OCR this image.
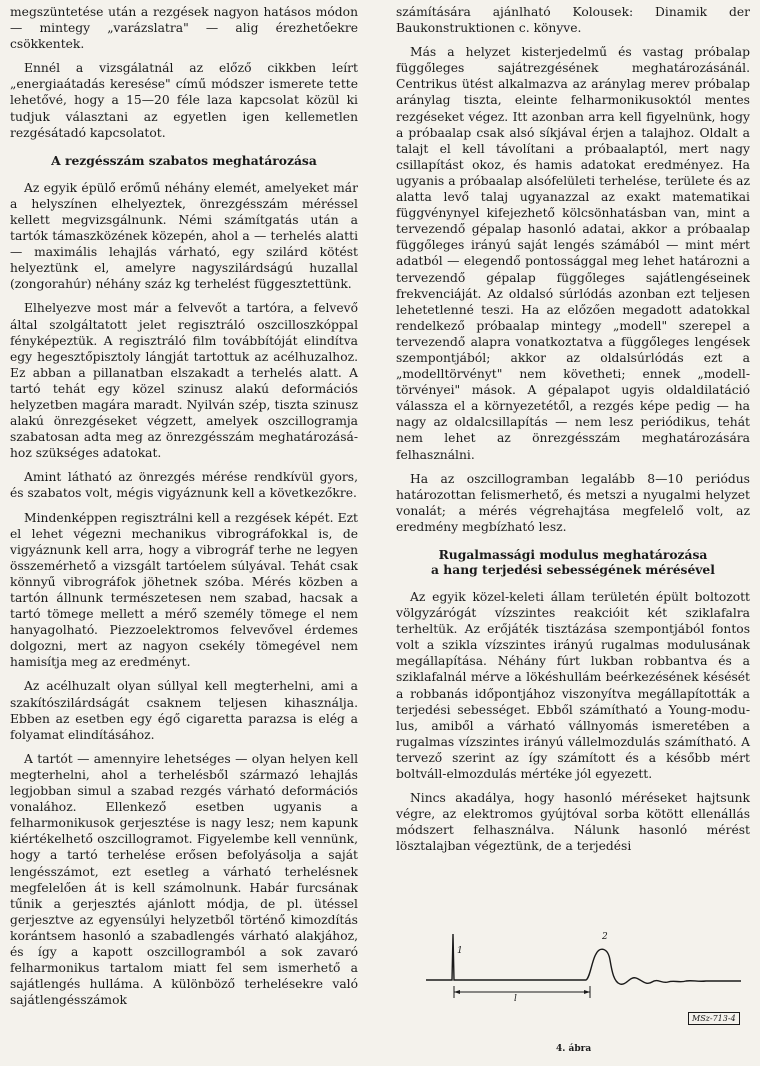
megszüntetése után a rezgések nagyon hatásos módon — mintegy „varázslatra" — alig érezhetőekre csökkentek.

Ennél a vizsgálatnál az előző cikkben leírt „energiaátadás keresése" című módszer ismerete tette lehetővé, hogy a 15—20 féle laza kapcsolat közül ki tudjuk választani az egyetlen igen kellemetlen rezgésátadó kapcsolatot.

A rezgésszám szabatos meghatározása

Az egyik épülő erőmű néhány elemét, amelyeket már a helyszínen elhelyeztek, önrezgésszám méréssel kellett megvizsgálnunk. Némi számítgatás után a tartók támaszközének közepén, ahol a — terhelés alatti — maximális lehajlás várható, egy szilárd kötést helyeztünk el, amelyre nagyszilárdságú huzallal (zongorahúr) néhány száz kg terhelést függesztettünk.

Elhelyezve most már a felvevőt a tartóra, a felvevő által szolgáltatott jelet regisztráló oszcilloszkóppal fényképeztük. A regisztráló film továbbítóját elindítva egy hegesztőpisztoly lángját tartottuk az acélhuzalhoz. Ez abban a pillanatban elszakadt a terhelés alatt. A tartó tehát egy közel szinusz alakú deformációs helyzetben magára maradt. Nyilván szép, tiszta szinusz alakú önrezgéseket végzett, amelyek oszcillogramja szabatosan adta meg az önrezgésszám meghatározásához szükséges adatokat.

Amint látható az önrezgés mérése rendkívül gyors, és szabatos volt, mégis vigyáznunk kell a következőkre.

Mindenképpen regisztrálni kell a rezgések képét. Ezt el lehet végezni mechanikus vibrográfokkal is, de vigyáznunk kell arra, hogy a vibrográf terhe ne legyen összemérhető a vizsgált tartóelem súlyával. Tehát csak könnyű vibrográfok jöhetnek szóba. Mérés közben a tartón állnunk természetesen nem szabad, hacsak a tartó tömege mellett a mérő személy tömege el nem hanyagolható. Piezzoelektromos felvevővel érdemes dolgozni, mert az nagyon csekély tömegével nem hamisítja meg az eredményt.

Az acélhuzalt olyan súllyal kell megterhelni, ami a szakítószilárdságát csaknem teljesen kihasználja. Ebben az esetben egy égő cigaretta parazsa is elég a folyamat elindításához.

A tartót — amennyire lehetséges — olyan helyen kell megterhelni, ahol a terhelésből származó lehajlás legjobban simul a szabad rezgés várható deformációs vonalához. Ellenkező esetben ugyanis a felharmonikusok gerjesztése is nagy lesz; nem kapunk kiértékelhető oszcillogramot. Figyelembe kell vennünk, hogy a tartó terhelése erősen befolyásolja a saját lengésszámot, ezt esetleg a várható terhelésnek megfelelően át is kell számolnunk. Habár furcsának tűnik a gerjesztés ajánlott módja, de pl. ütéssel gerjesztve az egyensúlyi helyzetből történő kimozdítás korántsem hasonló a szabadlengés várható alakjához, és így a kapott oszcillogramból a sok zavaró felharmonikus tartalom miatt fel sem ismerhető a sajátlengés hulláma. A különböző terhelésekre való sajátlengésszámok

számítására ajánlható Kolousek: Dinamik der Baukonstruktionen c. könyve.

Más a helyzet kisterjedelmű és vastag próbalap függőleges sajátrezgésének meghatározásánál. Centrikus ütést alkalmazva az aránylag merev próbalap aránylag tiszta, eleinte felharmonikusoktól mentes rezgéseket végez. Itt azonban arra kell figyelnünk, hogy a próbaalap csak alsó síkjával érjen a talajhoz. Oldalt a talajt el kell távolítani a próbaalaptól, mert nagy csillapítást okoz, és hamis adatokat eredményez. Ha ugyanis a próbaalap alsófelületi terhelése, területe és az alatta levő talaj ugyanazzal az exakt matematikai függvénynyel kifejezhető kölcsönhatásban van, mint a tervezendő gépalap hasonló adatai, akkor a próbaalap függőleges irányú saját lengés számából — mint mért adatból — elegendő pontossággal meg lehet határozni a tervezendő gépalap függőleges sajátlengéseinek frekvenciáját. Az oldalsó súrlódás azonban ezt teljesen lehetetlenné teszi. Ha az előzően megadott adatokkal rendelkező próbaalap mintegy „modell" szerepel a tervezendő alapra vonatkoztatva a függőleges lengések szempontjából; akkor az oldalsúrlódás ezt a „modelltörvényt" nem követheti; ennek „modelltörvényei" mások. A gépalapot ugyis oldaldilatáció válassza el a környezetétől, a rezgés képe pedig — ha nagy az oldalcsillapítás — nem lesz periódikus, tehát nem lehet az önrezgésszám meghatározására felhasználni.

Ha az oszcillogramban legalább 8—10 periódus határozottan felismerhető, és metszi a nyugalmi helyzet vonalát; a mérés végrehajtása megfelelő volt, az eredmény megbízható lesz.

Rugalmassági modulus meghatározása
a hang terjedési sebességének mérésével

Az egyik közel-keleti állam területén épült boltozott völgyzárógát vízszintes reakcióit két sziklafalra terheltük. Az erőjáték tisztázása szempontjából fontos volt a szikla vízszintes irányú rugalmas modulusának megállapítása. Néhány fúrt lukban robbantva és a sziklafalnál mérve a lökéshullám beérkezésének késését a robbanás időpontjához viszonyítva megállapították a terjedési sebességet. Ebből számítható a Young-modulus, amiből a várható vállnyomás ismeretében a rugalmas vízszintes irányú vállelmozdulás számítható. A tervező szerint az így számított és a később mért boltváll-elmozdulás mértéke jól egyezett.

Nincs akadálya, hogy hasonló méréseket hajtsunk végre, az elektromos gyújtóval sorba kötött ellenállás módszert felhasználva. Nálunk hasonló mérést lösztalajban végeztünk, de a terjedési

1
2
l
MSz-713-4
4. ábra
